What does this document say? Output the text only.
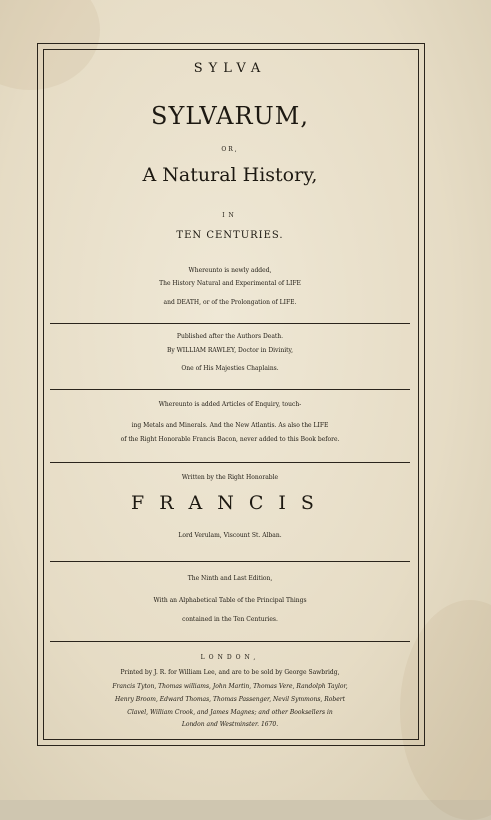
SYLVA
SYLVARUM,
OR,
A Natural History,
IN
TEN CENTURIES.
Whereunto is newly added,
The History Natural and Experimental of LIFE
and DEATH, or of the Prolongation of LIFE.
Published after the Authors Death.
By WILLIAM RAWLEY, Doctor in Divinity,
One of His Majesties Chaplains.
Whereunto is added Articles of Enquiry, touch-
ing Metals and Minerals. And the New Atlantis. As also the LIFE
of the Right Honorable Francis Bacon, never added to this Book before.
Written by the Right Honorable
FRANCIS
Lord Verulam, Viscount St. Alban.
The Ninth and Last Edition,
With an Alphabetical Table of the Principal Things
contained in the Ten Centuries.
LONDON,
Printed by J. R. for William Lee, and are to be sold by George Sawbridg,
Francis Tyton, Thomas williams, John Martin, Thomas Vere, Randolph Taylor,
Henry Broom, Edward Thomas, Thomas Passenger, Nevil Symmons, Robert
Clavel, William Crook, and James Magnes; and other Booksellers in
London and Westminster. 1670.
